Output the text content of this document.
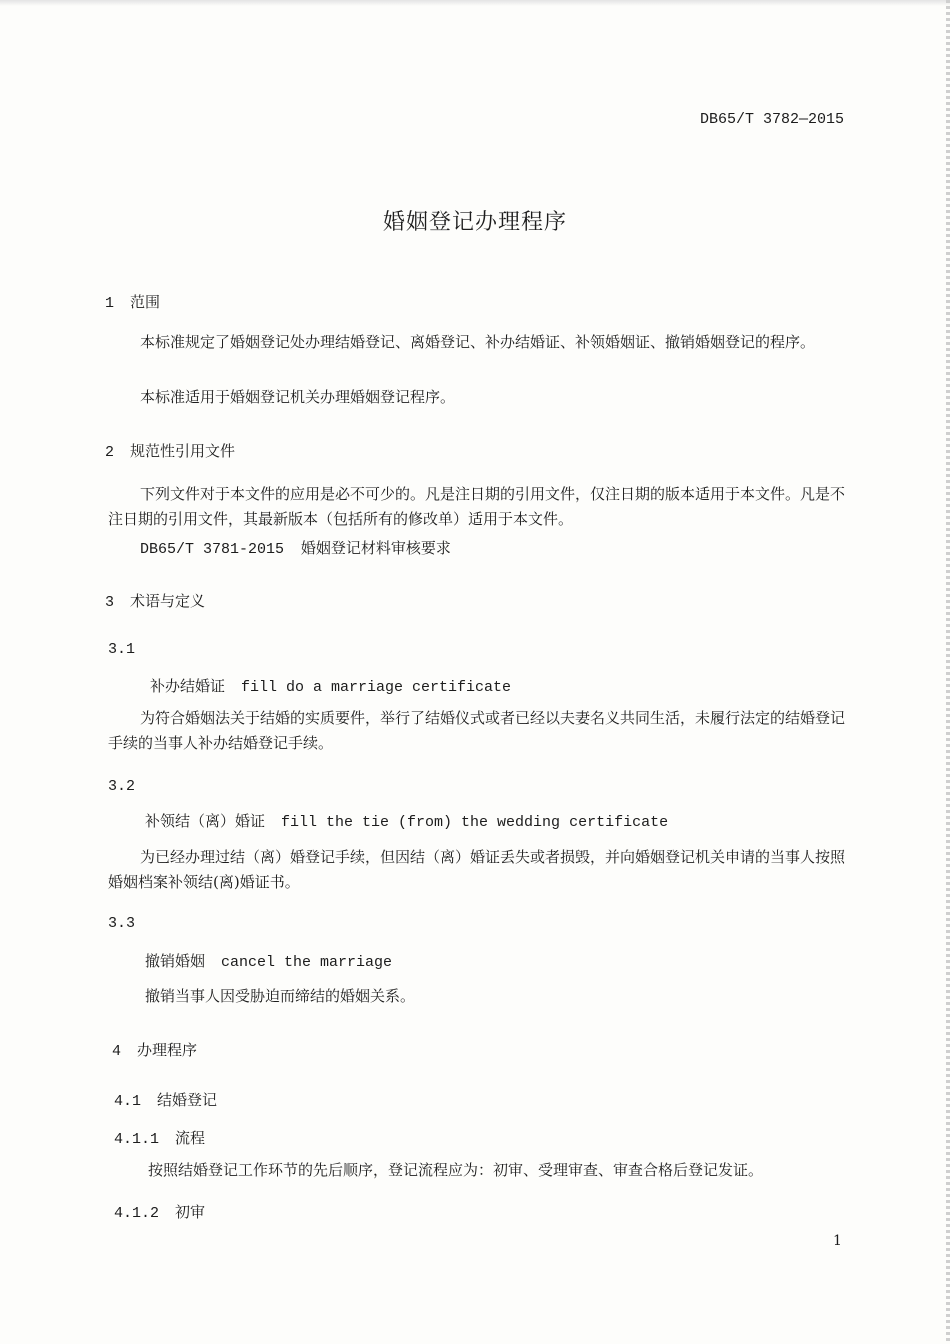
DB65/T 3782—2015
婚姻登记办理程序
1 范围
本标准规定了婚姻登记处办理结婚登记、离婚登记、补办结婚证、补领婚姻证、撤销婚姻登记的程序。
本标准适用于婚姻登记机关办理婚姻登记程序。
2 规范性引用文件
下列文件对于本文件的应用是必不可少的。凡是注日期的引用文件，仅注日期的版本适用于本文件。凡是不注日期的引用文件，其最新版本（包括所有的修改单）适用于本文件。
DB65/T 3781-2015 婚姻登记材料审核要求
3 术语与定义
3.1
补办结婚证 fill do a marriage certificate
为符合婚姻法关于结婚的实质要件，举行了结婚仪式或者已经以夫妻名义共同生活，未履行法定的结婚登记手续的当事人补办结婚登记手续。
3.2
补领结（离）婚证 fill the tie (from) the wedding certificate
为已经办理过结（离）婚登记手续，但因结（离）婚证丢失或者损毁，并向婚姻登记机关申请的当事人按照婚姻档案补领结(离)婚证书。
3.3
撤销婚姻 cancel the marriage
撤销当事人因受胁迫而缔结的婚姻关系。
4 办理程序
4.1 结婚登记
4.1.1 流程
按照结婚登记工作环节的先后顺序，登记流程应为：初审、受理审查、审查合格后登记发证。
4.1.2 初审
1
